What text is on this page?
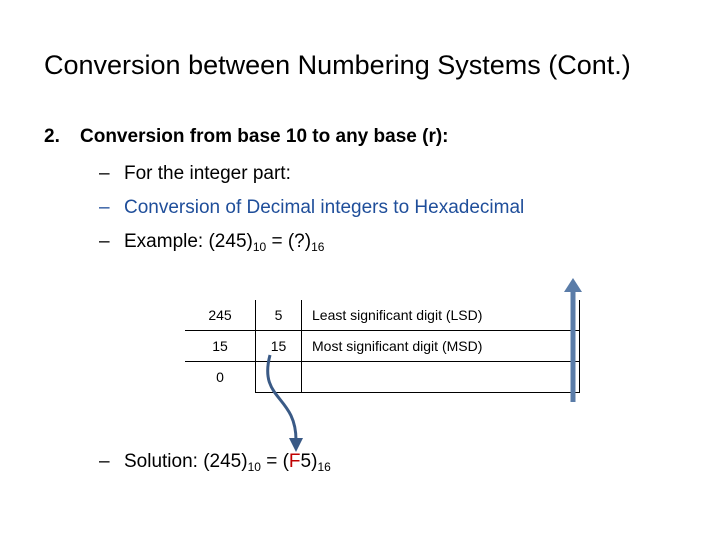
Conversion between Numbering Systems (Cont.)
2. Conversion from base 10 to any base (r):
– For the integer part:
– Conversion of Decimal integers to Hexadecimal
– Example: $(245)_{10}$ = $(?)_{16}$
245	5	Least significant digit (LSD)
15	15	Most significant digit (MSD)
0		
– Solution: $(245)_{10} = (F5)_{16}$
